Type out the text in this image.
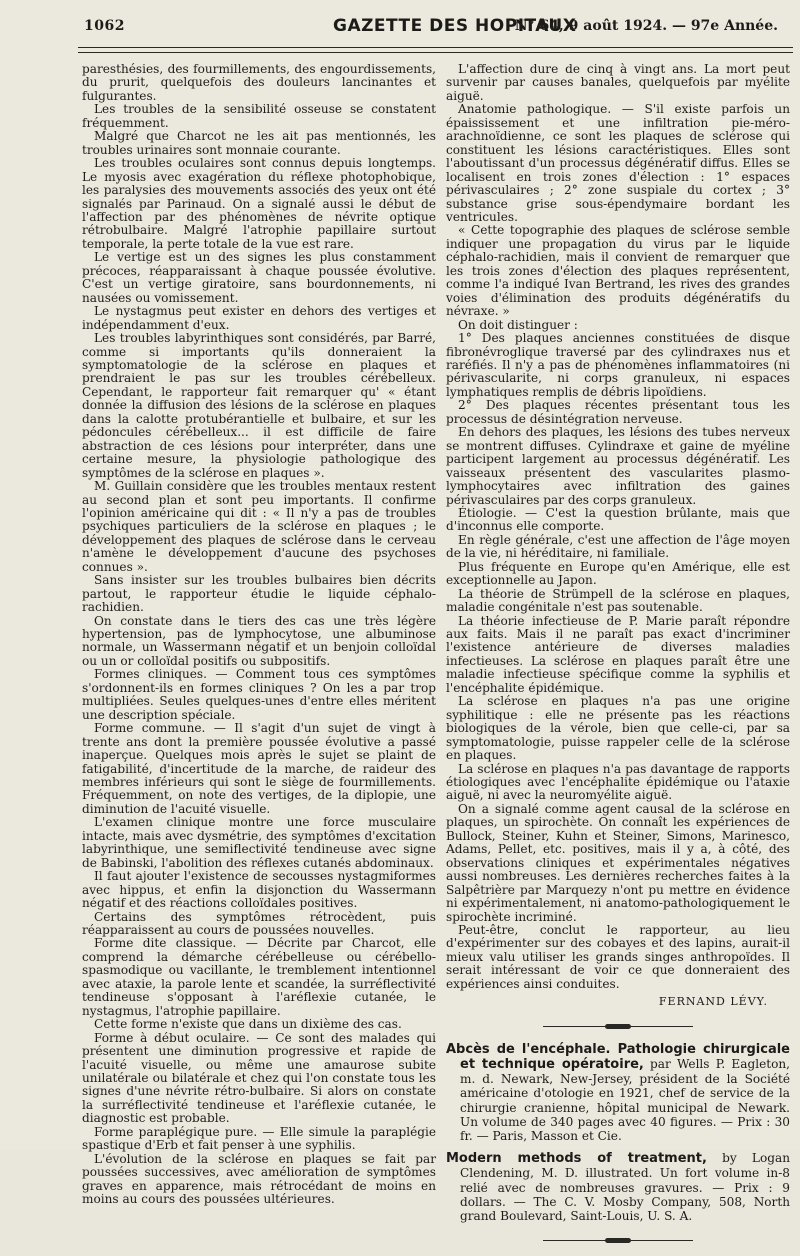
1062	GAZETTE DES HOPITAUX
N° 64, 9 août 1924. — 97e Année.

paresthésies, des fourmillements, des engourdissements, du prurit, quelquefois des douleurs lancinantes et fulgurantes.

Les troubles de la sensibilité osseuse se constatent fréquemment.

Malgré que Charcot ne les ait pas mentionnés, les troubles urinaires sont monnaie courante.

Les troubles oculaires sont connus depuis longtemps. Le myosis avec exagération du réflexe photophobique, les paralysies des mouvements associés des yeux ont été signalés par Parinaud. On a signalé aussi le début de l'affection par des phénomènes de névrite optique rétrobulbaire. Malgré l'atrophie papillaire surtout temporale, la perte totale de la vue est rare.

Le vertige est un des signes les plus constamment précoces, réapparaissant à chaque poussée évolutive. C'est un vertige giratoire, sans bourdonnements, ni nausées ou vomissement.

Le nystagmus peut exister en dehors des vertiges et indépendamment d'eux.

Les troubles labyrinthiques sont considérés, par Barré, comme si importants qu'ils donneraient la symptomatologie de la sclérose en plaques et prendraient le pas sur les troubles cérébelleux. Cependant, le rapporteur fait remarquer qu' « étant donnée la diffusion des lésions de la sclérose en plaques dans la calotte protubérantielle et bulbaire, et sur les pédoncules cérébelleux... il est difficile de faire abstraction de ces lésions pour interpréter, dans une certaine mesure, la physiologie pathologique des symptômes de la sclérose en plaques ».

M. Guillain considère que les troubles mentaux restent au second plan et sont peu importants. Il confirme l'opinion américaine qui dit : « Il n'y a pas de troubles psychiques particuliers de la sclérose en plaques ; le développement des plaques de sclérose dans le cerveau n'amène le développement d'aucune des psychoses connues ».

Sans insister sur les troubles bulbaires bien décrits partout, le rapporteur étudie le liquide céphalo-rachidien.

On constate dans le tiers des cas une très légère hypertension, pas de lymphocytose, une albuminose normale, un Wassermann négatif et un benjoin colloïdal ou un or colloïdal positifs ou subpositifs.

Formes cliniques. — Comment tous ces symptômes s'ordonnent-ils en formes cliniques ? On les a par trop multipliées. Seules quelques-unes d'entre elles méritent une description spéciale.

Forme commune. — Il s'agit d'un sujet de vingt à trente ans dont la première poussée évolutive a passé inaperçue. Quelques mois après le sujet se plaint de fatigabilité, d'incertitude de la marche, de raideur des membres inférieurs qui sont le siège de fourmillements. Fréquemment, on note des vertiges, de la diplopie, une diminution de l'acuité visuelle.

L'examen clinique montre une force musculaire intacte, mais avec dysmétrie, des symptômes d'excitation labyrinthique, une semiflectivité tendineuse avec signe de Babinski, l'abolition des réflexes cutanés abdominaux.

Il faut ajouter l'existence de secousses nystagmiformes avec hippus, et enfin la disjonction du Wassermann négatif et des réactions colloïdales positives.

Certains des symptômes rétrocèdent, puis réapparaissent au cours de poussées nouvelles.

Forme dite classique. — Décrite par Charcot, elle comprend la démarche cérébelleuse ou cérébello-spasmodique ou vacillante, le tremblement intentionnel avec ataxie, la parole lente et scandée, la surréflectivité tendineuse s'opposant à l'aréflexie cutanée, le nystagmus, l'atrophie papillaire.

Cette forme n'existe que dans un dixième des cas.

Forme à début oculaire. — Ce sont des malades qui présentent une diminution progressive et rapide de l'acuité visuelle, ou même une amaurose subite unilatérale ou bilatérale et chez qui l'on constate tous les signes d'une névrite rétro-bulbaire. Si alors on constate la surréflectivité tendineuse et l'aréflexie cutanée, le diagnostic est probable.

Forme paraplégique pure. — Elle simule la paraplégie spastique d'Erb et fait penser à une syphilis.

L'évolution de la sclérose en plaques se fait par poussées successives, avec amélioration de symptômes graves en apparence, mais rétrocédant de moins en moins au cours des poussées ultérieures.

L'affection dure de cinq à vingt ans. La mort peut survenir par causes banales, quelquefois par myélite aiguë.

Anatomie pathologique. — S'il existe parfois un épaississement et une infiltration pie-méro-arachnoïdienne, ce sont les plaques de sclérose qui constituent les lésions caractéristiques. Elles sont l'aboutissant d'un processus dégénératif diffus. Elles se localisent en trois zones d'élection : 1° espaces périvasculaires ; 2° zone suspiale du cortex ; 3° substance grise sous-épendymaire bordant les ventricules.

« Cette topographie des plaques de sclérose semble indiquer une propagation du virus par le liquide céphalo-rachidien, mais il convient de remarquer que les trois zones d'élection des plaques représentent, comme l'a indiqué Ivan Bertrand, les rives des grandes voies d'élimination des produits dégénératifs du névraxe. »

On doit distinguer :

1° Des plaques anciennes constituées de disque fibronévroglique traversé par des cylindraxes nus et raréfiés. Il n'y a pas de phénomènes inflammatoires (ni périvascularite, ni corps granuleux, ni espaces lymphatiques remplis de débris lipoïdiens.

2° Des plaques récentes présentant tous les processus de désintégration nerveuse.

En dehors des plaques, les lésions des tubes nerveux se montrent diffuses. Cylindraxe et gaine de myéline participent largement au processus dégénératif. Les vaisseaux présentent des vascularites plasmo-lymphocytaires avec infiltration des gaines périvasculaires par des corps granuleux.

Étiologie. — C'est la question brûlante, mais que d'inconnus elle comporte.

En règle générale, c'est une affection de l'âge moyen de la vie, ni héréditaire, ni familiale.

Plus fréquente en Europe qu'en Amérique, elle est exceptionnelle au Japon.

La théorie de Strümpell de la sclérose en plaques, maladie congénitale n'est pas soutenable.

La théorie infectieuse de P. Marie paraît répondre aux faits. Mais il ne paraît pas exact d'incriminer l'existence antérieure de diverses maladies infectieuses. La sclérose en plaques paraît être une maladie infectieuse spécifique comme la syphilis et l'encéphalite épidémique.

La sclérose en plaques n'a pas une origine syphilitique : elle ne présente pas les réactions biologiques de la vérole, bien que celle-ci, par sa symptomatologie, puisse rappeler celle de la sclérose en plaques.

La sclérose en plaques n'a pas davantage de rapports étiologiques avec l'encéphalite épidémique ou l'ataxie aiguë, ni avec la neuromyélite aiguë.

On a signalé comme agent causal de la sclérose en plaques, un spirochète. On connaît les expériences de Bullock, Steiner, Kuhn et Steiner, Simons, Marinesco, Adams, Pellet, etc. positives, mais il y a, à côté, des observations cliniques et expérimentales négatives aussi nombreuses. Les dernières recherches faites à la Salpêtrière par Marquezy n'ont pu mettre en évidence ni expérimentalement, ni anatomo-pathologiquement le spirochète incriminé.

Peut-être, conclut le rapporteur, au lieu d'expérimenter sur des cobayes et des lapins, aurait-il mieux valu utiliser les grands singes anthropoïdes. Il serait intéressant de voir ce que donneraient des expériences ainsi conduites.

FERNAND LÉVY.
Abcès de l'encéphale. Pathologie chirurgicale et technique opératoire, par Wells P. Eagleton, m. d. Newark, New-Jersey, président de la Société américaine d'otologie en 1921, chef de service de la chirurgie cranienne, hôpital municipal de Newark. Un volume de 340 pages avec 40 figures. — Prix : 30 fr. — Paris, Masson et Cie.
Modern methods of treatment, by Logan Clendening, M. D. illustrated. Un fort volume in-8 relié avec de nombreuses gravures. — Prix : 9 dollars. — The C. V. Mosby Company, 508, North grand Boulevard, Saint-Louis, U. S. A.
